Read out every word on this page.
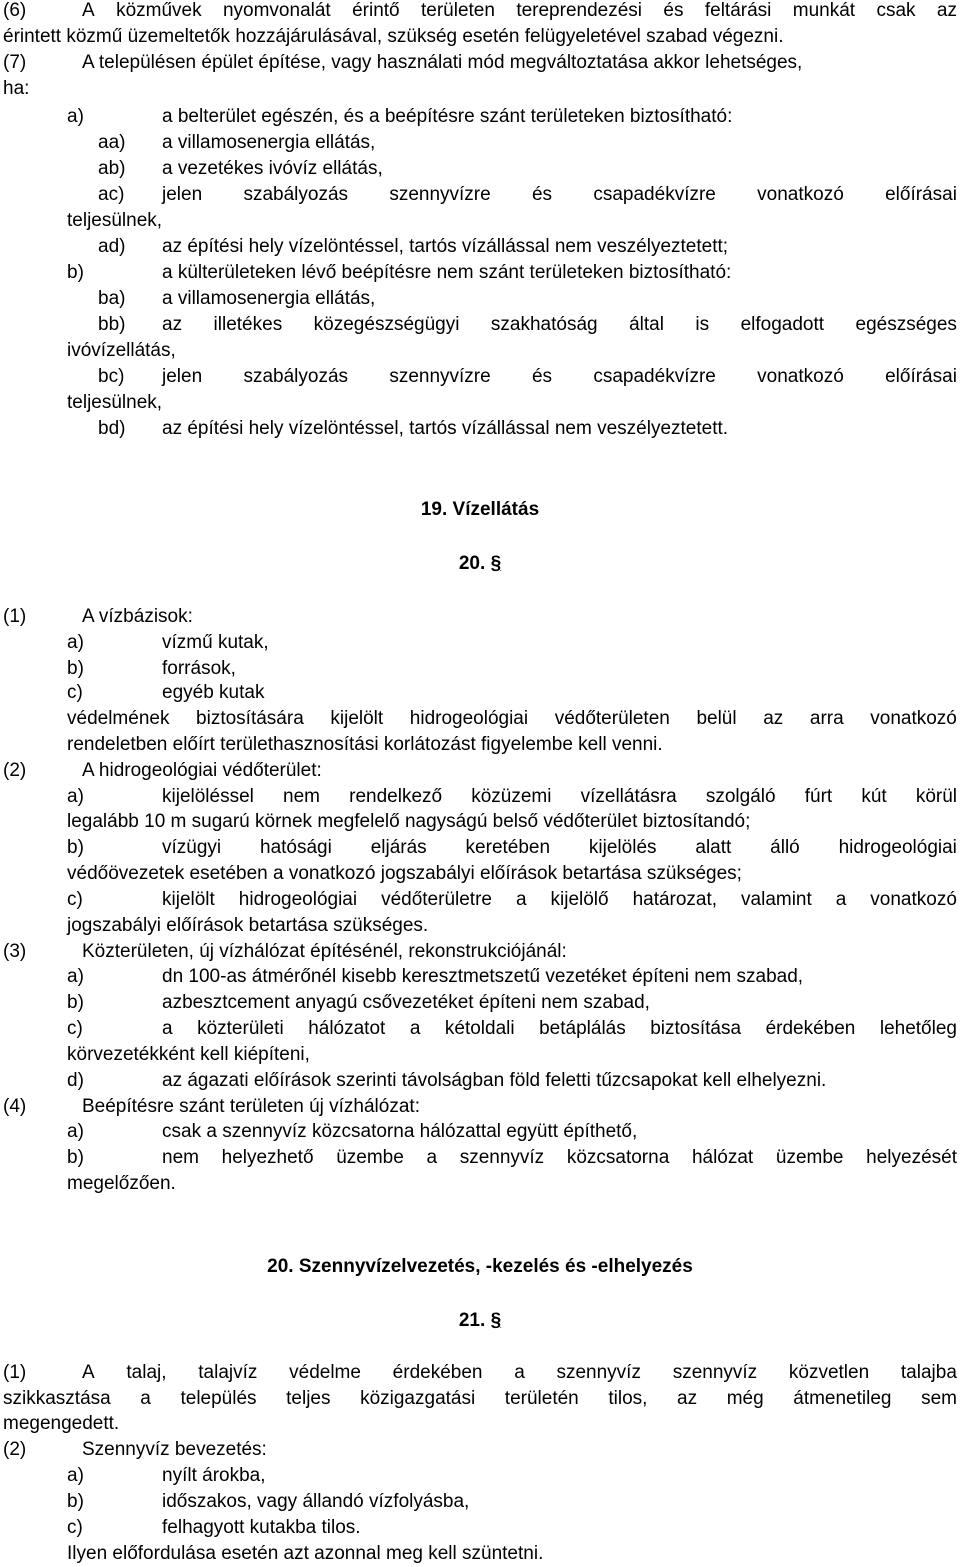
(6)	A közművek nyomvonalát érintő területen tereprendezési és feltárási munkát csak az
érintett közmű üzemeltetők hozzájárulásával, szükség esetén felügyeletével szabad végezni.
(7)	A településen épület építése, vagy használati mód megváltoztatása akkor lehetséges,
ha:
a)	a belterület egészén, és a beépítésre szánt területeken biztosítható:
aa) a villamosenergia ellátás,
ab) a vezetékes ivóvíz ellátás,
ac) jelen szabályozás szennyvízre és csapadékvízre vonatkozó előírásai
teljesülnek,
ad) az építési hely vízelöntéssel, tartós vízállással nem veszélyeztetett;
b)	a külterületeken lévő beépítésre nem szánt területeken biztosítható:
ba) a villamosenergia ellátás,
bb) az illetékes közegészségügyi szakhatóság által is elfogadott egészséges
ivóvízellátás,
bc) jelen szabályozás szennyvízre és csapadékvízre vonatkozó előírásai
teljesülnek,
bd) az építési hely vízelöntéssel, tartós vízállással nem veszélyeztetett.
19. Vízellátás
20. §
(1)	A vízbázisok:
a)	vízmű kutak,
b)	források,
c)	egyéb kutak
védelmének biztosítására kijelölt hidrogeológiai védőterületen belül az arra vonatkozó
rendeletben előírt területhasznosítási korlátozást figyelembe kell venni.
(2)	A hidrogeológiai védőterület:
a)	kijelöléssel nem rendelkező közüzemi vízellátásra szolgáló fúrt kút körül
legalább 10 m sugarú körnek megfelelő nagyságú belső védőterület biztosítandó;
b)	vízügyi hatósági eljárás keretében kijelölés alatt álló hidrogeológiai
védőövezetek esetében a vonatkozó jogszabályi előírások betartása szükséges;
c)	kijelölt hidrogeológiai védőterületre a kijelölő határozat, valamint a vonatkozó
jogszabályi előírások betartása szükséges.
(3)	Közterületen, új vízhálózat építésénél, rekonstrukciójánál:
a)	dn 100-as átmérőnél kisebb keresztmetszetű vezetéket építeni nem szabad,
b)	azbesztcement anyagú csővezetéket építeni nem szabad,
c)	a közterületi hálózatot a kétoldali betáplálás biztosítása érdekében lehetőleg
körvezetékként kell kiépíteni,
d)	az ágazati előírások szerinti távolságban föld feletti tűzcsapokat kell elhelyezni.
(4)	Beépítésre szánt területen új vízhálózat:
a)	csak a szennyvíz közcsatorna hálózattal együtt építhető,
b)	nem helyezhető üzembe a szennyvíz közcsatorna hálózat üzembe helyezését
megelőzően.
20. Szennyvízelvezetés, -kezelés és -elhelyezés
21. §
(1)	A talaj, talajvíz védelme érdekében a szennyvíz szennyvíz közvetlen talajba
szikkasztása a település teljes közigazgatási területén tilos, az még átmenetileg sem
megengedett.
(2)	Szennyvíz bevezetés:
a)	nyílt árokba,
b)	időszakos, vagy állandó vízfolyásba,
c)	felhagyott kutakba tilos.
Ilyen előfordulása esetén azt azonnal meg kell szüntetni.
